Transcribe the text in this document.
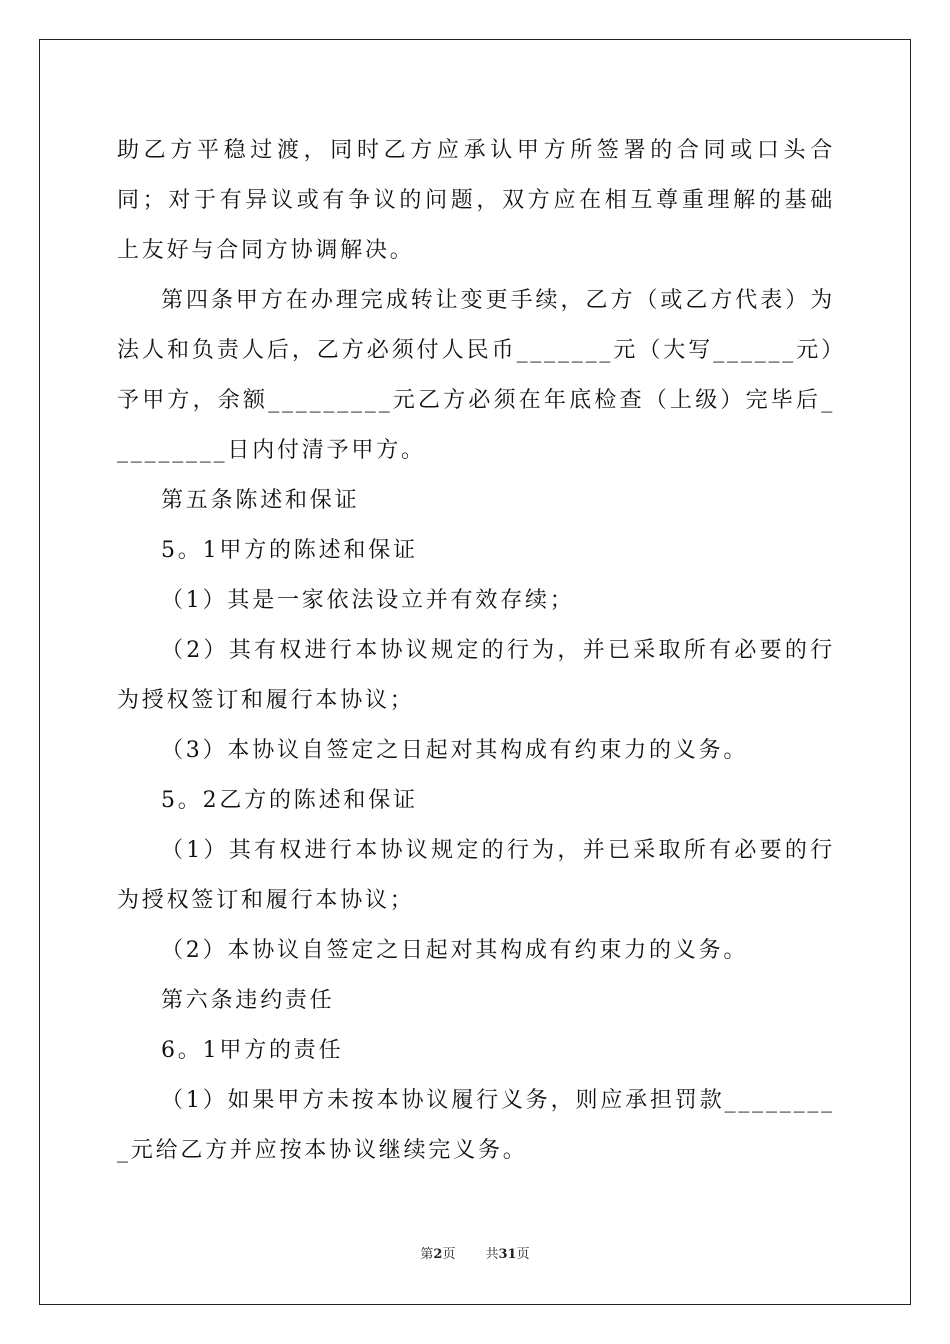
助乙方平稳过渡，同时乙方应承认甲方所签署的合同或口头合同；对于有异议或有争议的问题，双方应在相互尊重理解的基础上友好与合同方协调解决。

第四条甲方在办理完成转让变更手续，乙方（或乙方代表）为法人和负责人后，乙方必须付人民币_______元（大写______元）予甲方，余额_________元乙方必须在年底检查（上级）完毕后_________日内付清予甲方。

第五条陈述和保证

5。1甲方的陈述和保证

（1）其是一家依法设立并有效存续；

（2）其有权进行本协议规定的行为，并已采取所有必要的行为授权签订和履行本协议；

（3）本协议自签定之日起对其构成有约束力的义务。

5。2乙方的陈述和保证

（1）其有权进行本协议规定的行为，并已采取所有必要的行为授权签订和履行本协议；

（2）本协议自签定之日起对其构成有约束力的义务。

第六条违约责任

6。1甲方的责任

（1）如果甲方未按本协议履行义务，则应承担罚款_________元给乙方并应按本协议继续完义务。

第2页 共31页
